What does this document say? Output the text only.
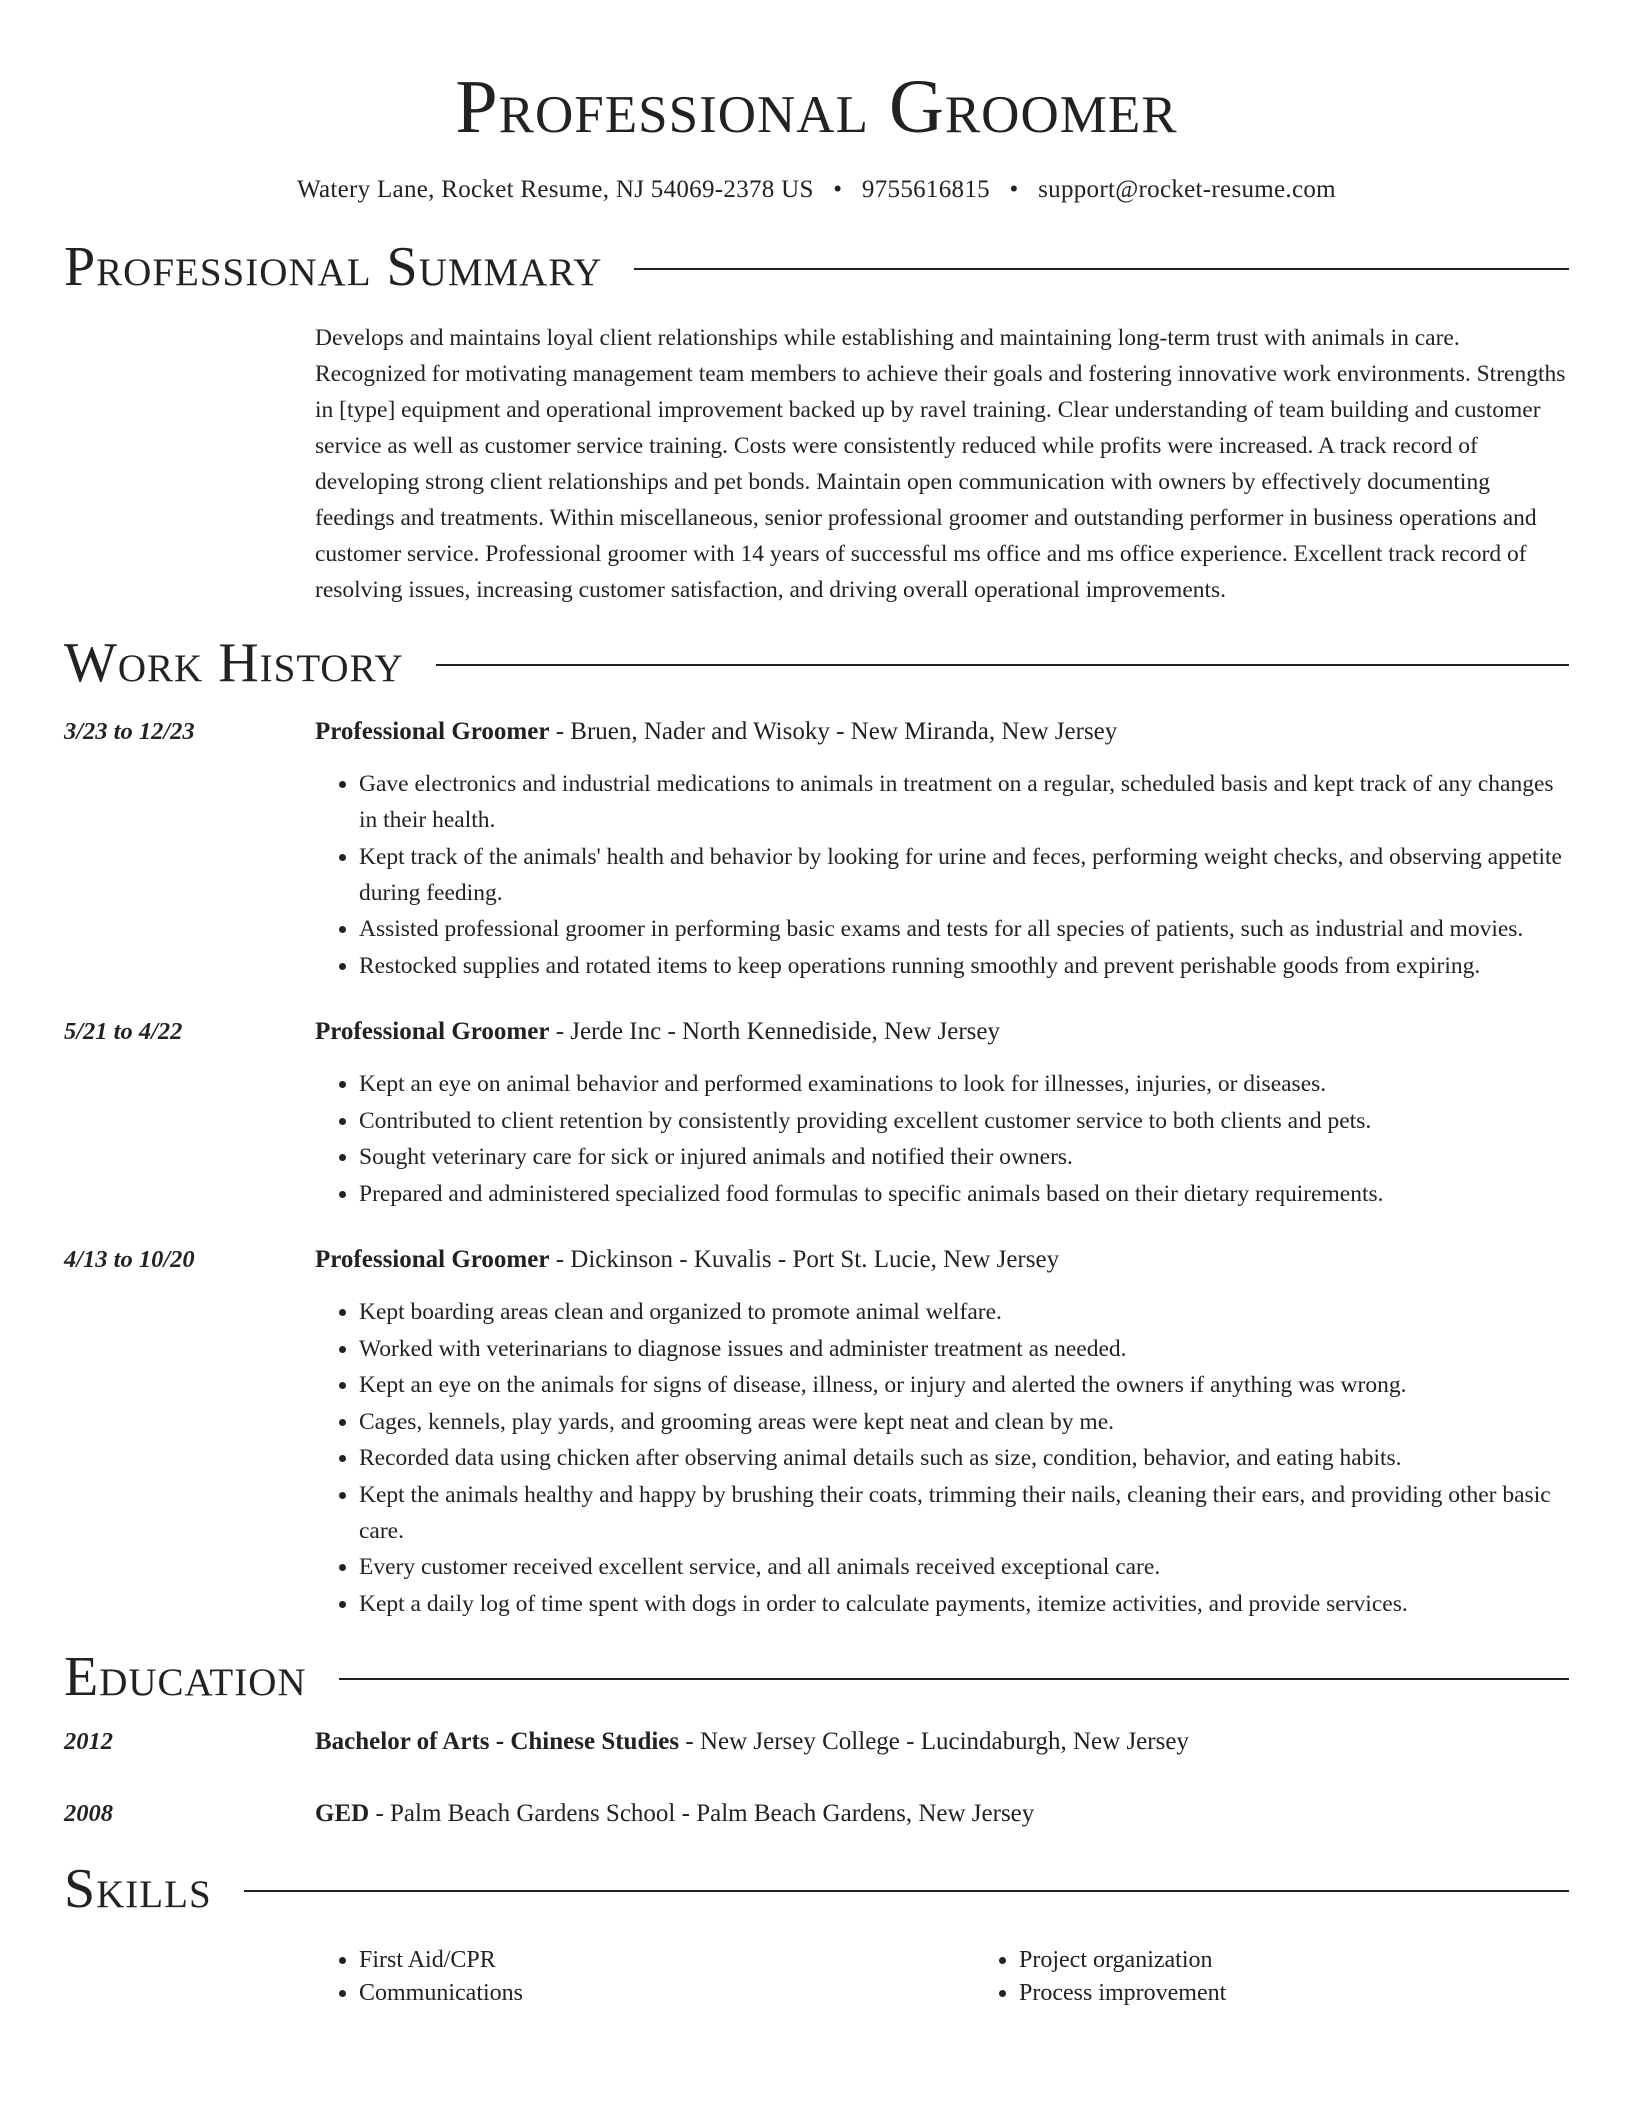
Professional Groomer
Watery Lane, Rocket Resume, NJ 54069-2378 US • 9755616815 • support@rocket-resume.com
Professional Summary
Develops and maintains loyal client relationships while establishing and maintaining long-term trust with animals in care. Recognized for motivating management team members to achieve their goals and fostering innovative work environments. Strengths in [type] equipment and operational improvement backed up by ravel training. Clear understanding of team building and customer service as well as customer service training. Costs were consistently reduced while profits were increased. A track record of developing strong client relationships and pet bonds. Maintain open communication with owners by effectively documenting feedings and treatments. Within miscellaneous, senior professional groomer and outstanding performer in business operations and customer service. Professional groomer with 14 years of successful ms office and ms office experience. Excellent track record of resolving issues, increasing customer satisfaction, and driving overall operational improvements.
Work History
3/23 to 12/23	Professional Groomer - Bruen, Nader and Wisoky - New Miranda, New Jersey
• Gave electronics and industrial medications to animals in treatment on a regular, scheduled basis and kept track of any changes in their health.
• Kept track of the animals' health and behavior by looking for urine and feces, performing weight checks, and observing appetite during feeding.
• Assisted professional groomer in performing basic exams and tests for all species of patients, such as industrial and movies.
• Restocked supplies and rotated items to keep operations running smoothly and prevent perishable goods from expiring.
5/21 to 4/22	Professional Groomer - Jerde Inc - North Kennediside, New Jersey
• Kept an eye on animal behavior and performed examinations to look for illnesses, injuries, or diseases.
• Contributed to client retention by consistently providing excellent customer service to both clients and pets.
• Sought veterinary care for sick or injured animals and notified their owners.
• Prepared and administered specialized food formulas to specific animals based on their dietary requirements.
4/13 to 10/20	Professional Groomer - Dickinson - Kuvalis - Port St. Lucie, New Jersey
• Kept boarding areas clean and organized to promote animal welfare.
• Worked with veterinarians to diagnose issues and administer treatment as needed.
• Kept an eye on the animals for signs of disease, illness, or injury and alerted the owners if anything was wrong.
• Cages, kennels, play yards, and grooming areas were kept neat and clean by me.
• Recorded data using chicken after observing animal details such as size, condition, behavior, and eating habits.
• Kept the animals healthy and happy by brushing their coats, trimming their nails, cleaning their ears, and providing other basic care.
• Every customer received excellent service, and all animals received exceptional care.
• Kept a daily log of time spent with dogs in order to calculate payments, itemize activities, and provide services.
Education
2012	Bachelor of Arts - Chinese Studies - New Jersey College - Lucindaburgh, New Jersey
2008	GED - Palm Beach Gardens School - Palm Beach Gardens, New Jersey
Skills
• First Aid/CPR
• Communications
• Project organization
• Process improvement
